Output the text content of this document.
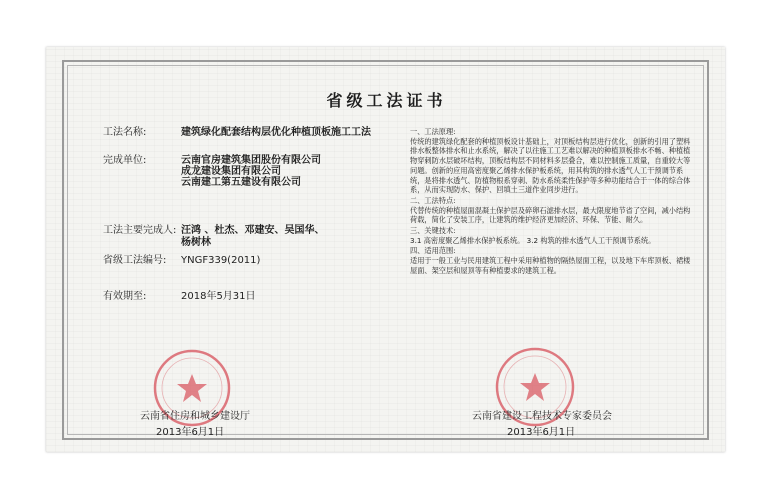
省级工法证书
工法名称:	建筑绿化配套结构层优化种植顶板施工工法
完成单位:	云南官房建筑集团股份有限公司
成龙建设集团有限公司
云南建工第五建设有限公司
工法主要完成人: 汪鸿 、杜杰、邓建安、吴国华、
杨树林
省级工法编号: YNGF339(2011)
有效期至:	2018年5月31日

一、工法原理:

传统的建筑绿化配套的种植顶板设计基础上，对顶板结构层进行优化，创新的引用了塑料排水板整体排水和止水系统，解决了以往施工工艺难以解决的种植顶板排水不畅、种植植物穿刺防水层破坏结构，顶板结构层不同材料多层叠合，难以控制施工质量，自重较大等问题。创新的应用高密度聚乙烯排水保护板系统，用其构筑的排水透气人工干预调节系统，是将排水透气、防植物根系穿刺、防水系统柔性保护等多种功能结合于一体的综合体系，从而实现防水、保护、回填土三道作业同步进行。

二、工法特点:

代替传统的种植屋面混凝土保护层及碎卵石滤排水层，最大限度地节省了空间，减小结构荷载，简化了安装工序，让建筑的维护经济更加经济、环保、节能、耐久。

三、关键技术:

3.1 高密度聚乙烯排水保护板系统。 3.2 构筑的排水透气人工干预调节系统。

四、适用范围:

适用于一般工业与民用建筑工程中采用种植物的隔热屋面工程，以及地下车库顶板、裙楼屋面、架空层和屋顶等有种植要求的建筑工程。

云南省住房和城乡建设厅
2013年6月1日
云南省建设工程技术专家委员会
2013年6月1日
